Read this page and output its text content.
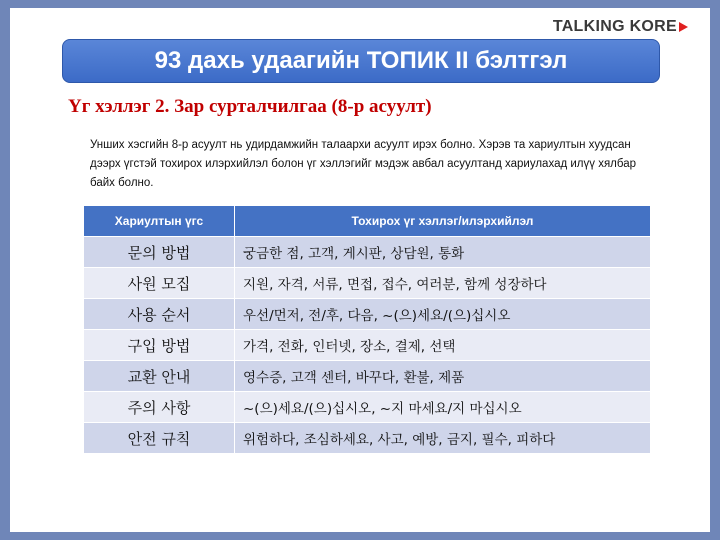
TALKING KORE
93 дахь удаагийн ТОПИК II бэлтгэл
Үг хэллэг 2. Зар сурталчилгаа (8-р асуулт)
Унших хэсгийн 8-р асуулт нь удирдамжийн талаархи асуулт ирэх болно. Хэрэв та хариултын хуудсан дээрх үгстэй тохирох илэрхийлэл болон үг хэллэгийг мэдэж авбал асуултанд хариулахад илүү хялбар байх болно.
Хариултын үгс	Тохирох үг хэллэг/илэрхийлэл
문의 방법	궁금한 점, 고객, 게시판, 상담원, 통화
사원 모집	지원, 자격, 서류, 면접, 접수, 여러분, 함께 성장하다
사용 순서	우선/먼저, 전/후, 다음, ~(으)세요/(으)십시오
구입 방법	가격, 전화, 인터넷, 장소, 결제, 선택
교환 안내	영수증, 고객 센터, 바꾸다, 환불, 제품
주의 사항	~(으)세요/(으)십시오, ~지 마세요/지 마십시오
안전 규칙	위험하다, 조심하세요, 사고, 예방, 금지, 필수, 피하다
